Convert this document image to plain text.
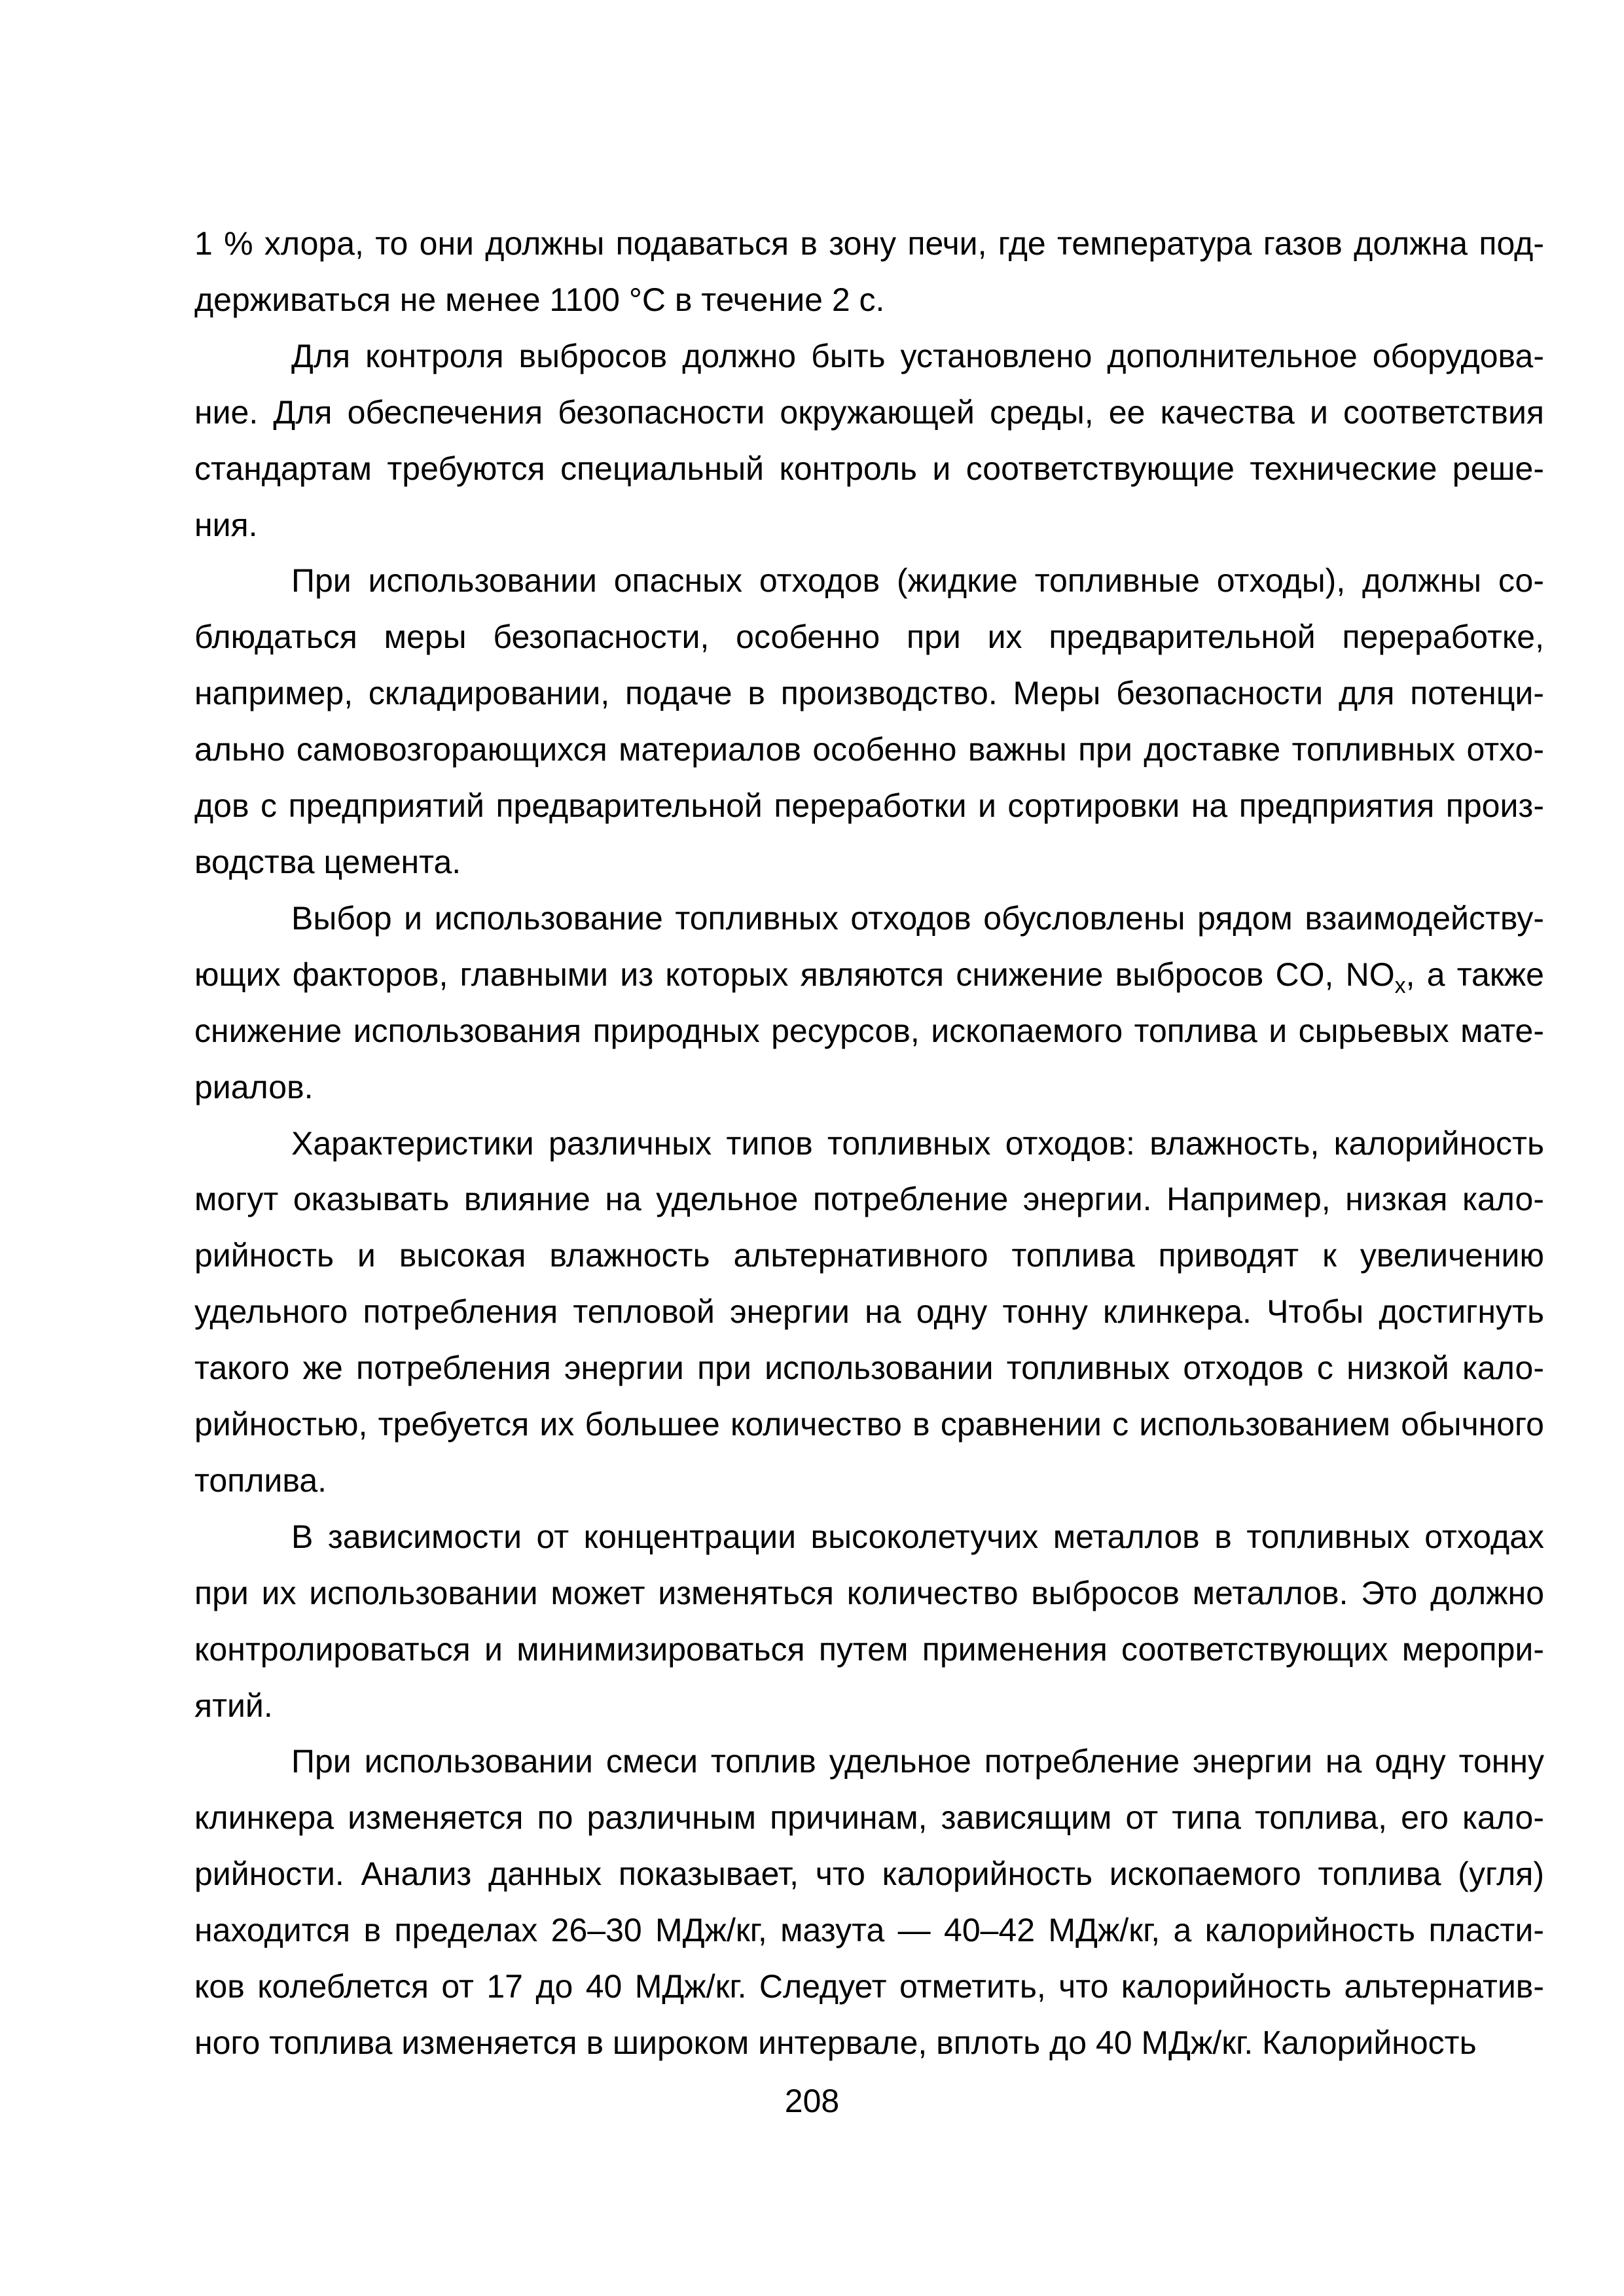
1 % хлора, то они должны подаваться в зону печи, где температура газов должна под-держиваться не менее 1100 °C в течение 2 с.

Для контроля выбросов должно быть установлено дополнительное оборудова-ние. Для обеспечения безопасности окружающей среды, ее качества и соответствия стандартам требуются специальный контроль и соответствующие технические реше-ния.

При использовании опасных отходов (жидкие топливные отходы), должны со-блюдаться меры безопасности, особенно при их предварительной переработке, например, складировании, подаче в производство. Меры безопасности для потенци-ально самовозгорающихся материалов особенно важны при доставке топливных отхо-дов с предприятий предварительной переработки и сортировки на предприятия произ-водства цемента.

Выбор и использование топливных отходов обусловлены рядом взаимодейству-ющих факторов, главными из которых являются снижение выбросов CO, $NO_x$, а также снижение использования природных ресурсов, ископаемого топлива и сырьевых мате-риалов.

Характеристики различных типов топливных отходов: влажность, калорийность могут оказывать влияние на удельное потребление энергии. Например, низкая кало-рийность и высокая влажность альтернативного топлива приводят к увеличению удельного потребления тепловой энергии на одну тонну клинкера. Чтобы достигнуть такого же потребления энергии при использовании топливных отходов с низкой кало-рийностью, требуется их большее количество в сравнении с использованием обычного топлива.

В зависимости от концентрации высоколетучих металлов в топливных отходах при их использовании может изменяться количество выбросов металлов. Это должно контролироваться и минимизироваться путем применения соответствующих меропри-ятий.

При использовании смеси топлив удельное потребление энергии на одну тонну клинкера изменяется по различным причинам, зависящим от типа топлива, его кало-рийности. Анализ данных показывает, что калорийность ископаемого топлива (угля) находится в пределах 26–30 МДж/кг, мазута — 40–42 МДж/кг, а калорийность пласти-ков колеблется от 17 до 40 МДж/кг. Следует отметить, что калорийность альтернатив-ного топлива изменяется в широком интервале, вплоть до 40 МДж/кг. Калорийность

208
